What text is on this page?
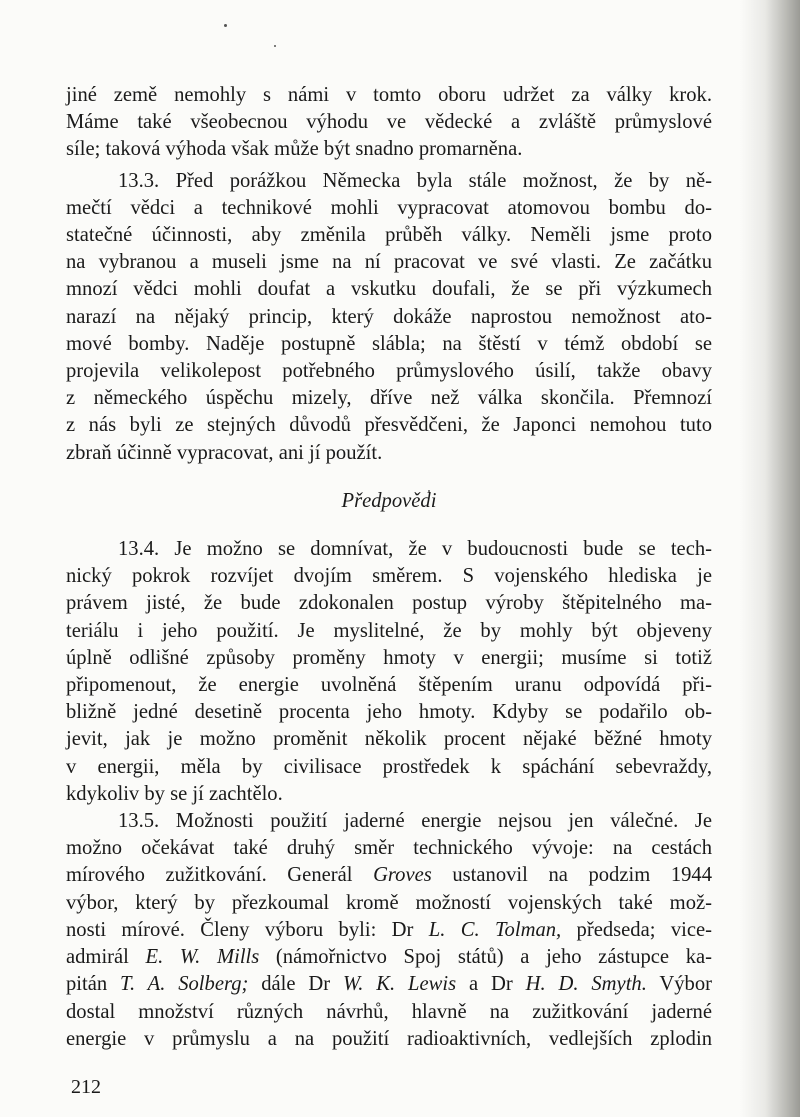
jiné země nemohly s námi v tomto oboru udržet za války krok.

Máme také všeobecnou výhodu ve vědecké a zvláště průmyslové

síle; taková výhoda však může být snadno promarněna.

13.3. Před porážkou Německa byla stále možnost, že by ně-

mečtí vědci a technikové mohli vypracovat atomovou bombu do-

statečné účinnosti, aby změnila průběh války. Neměli jsme proto

na vybranou a museli jsme na ní pracovat ve své vlasti. Ze začátku

mnozí vědci mohli doufat a vskutku doufali, že se při výzkumech

narazí na nějaký princip, který dokáže naprostou nemožnost ato-

mové bomby. Naděje postupně slábla; na štěstí v témž období se

projevila velikolepost potřebného průmyslového úsilí, takže obavy

z německého úspěchu mizely, dříve než válka skončila. Přemnozí

z nás byli ze stejných důvodů přesvědčeni, že Japonci nemohou tuto

zbraň účinně vypracovat, ani jí použít.

Předpovědi

13.4. Je možno se domnívat, že v budoucnosti bude se tech-

nický pokrok rozvíjet dvojím směrem. S vojenského hlediska je

právem jisté, že bude zdokonalen postup výroby štěpitelného ma-

teriálu i jeho použití. Je myslitelné, že by mohly být objeveny

úplně odlišné způsoby proměny hmoty v energii; musíme si totiž

připomenout, že energie uvolněná štěpením uranu odpovídá při-

bližně jedné desetině procenta jeho hmoty. Kdyby se podařilo ob-

jevit, jak je možno proměnit několik procent nějaké běžné hmoty

v energii, měla by civilisace prostředek k spáchání sebevraždy,

kdykoliv by se jí zachtělo.

13.5. Možnosti použití jaderné energie nejsou jen válečné. Je

možno očekávat také druhý směr technického vývoje: na cestách

mírového zužitkování. Generál Groves ustanovil na podzim 1944

výbor, který by přezkoumal kromě možností vojenských také mož-

nosti mírové. Členy výboru byli: Dr L. C. Tolman, předseda; vice-

admirál E. W. Mills (námořnictvo Spoj států) a jeho zástupce ka-

pitán T. A. Solberg; dále Dr W. K. Lewis a Dr H. D. Smyth. Výbor

dostal množství různých návrhů, hlavně na zužitkování jaderné

energie v průmyslu a na použití radioaktivních, vedlejších zplodin

212
